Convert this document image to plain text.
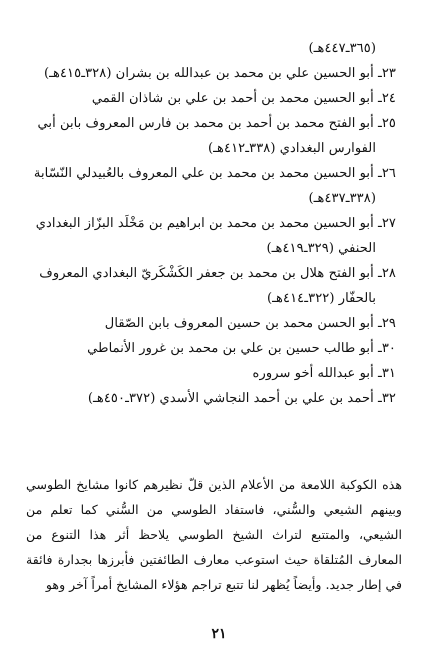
(٣٦٥ـ٤٤٧هـ)
٢٣ـ أبو الحسين علي بن محمد بن عبدالله بن بشران (٣٢٨ـ٤١٥هـ)
٢٤ـ أبو الحسين محمد بن أحمد بن علي بن شاذان القمي
٢٥ـ أبو الفتح محمد بن أحمد بن محمد بن فارس المعروف بابن أبي
الفوارس البغدادي (٣٣٨ـ٤١٢هـ)
٢٦ـ أبو الحسين محمد بن محمد بن علي المعروف بالعُبيدلي النّسّابة
(٣٣٨ـ٤٣٧هـ)
٢٧ـ أبو الحسين محمد بن محمد بن ابراهيم بن مَخْلَد البزّاز البغدادي
الحنفي (٣٢٩ـ٤١٩هـ)
٢٨ـ أبو الفتح هلال بن محمد بن جعفر الكَشْكَريّ البغدادي المعروف
بالحفّار (٣٢٢ـ٤١٤هـ)
٢٩ـ أبو الحسن محمد بن حسين المعروف بابن الصّقال
٣٠ـ أبو طالب حسين بن علي بن محمد بن غرور الأنماطي
٣١ـ أبو عبدالله أخو سروره
٣٢ـ أحمد بن علي بن أحمد النجاشي الأسدي (٣٧٢ـ٤٥٠هـ)

هذه الكوكبة اللامعة من الأعلام الذين قلّ نظيرهم كانوا مشايخ الطوسي وبينهم الشيعي والسُّني، فاستفاد الطوسي من السُّني كما تعلم من الشيعي، والمتتبع لتراث الشيخ الطوسي يلاحظ أثر هذا التنوع من المعارف المُتلقاة حيث استوعب معارف الطائفتين فأبرزها بجدارة فائقة في إطار جديد. وأيضاً يُظهر لنا تتبع تراجم هؤلاء المشايخ أمراً آخر وهو

٢١
